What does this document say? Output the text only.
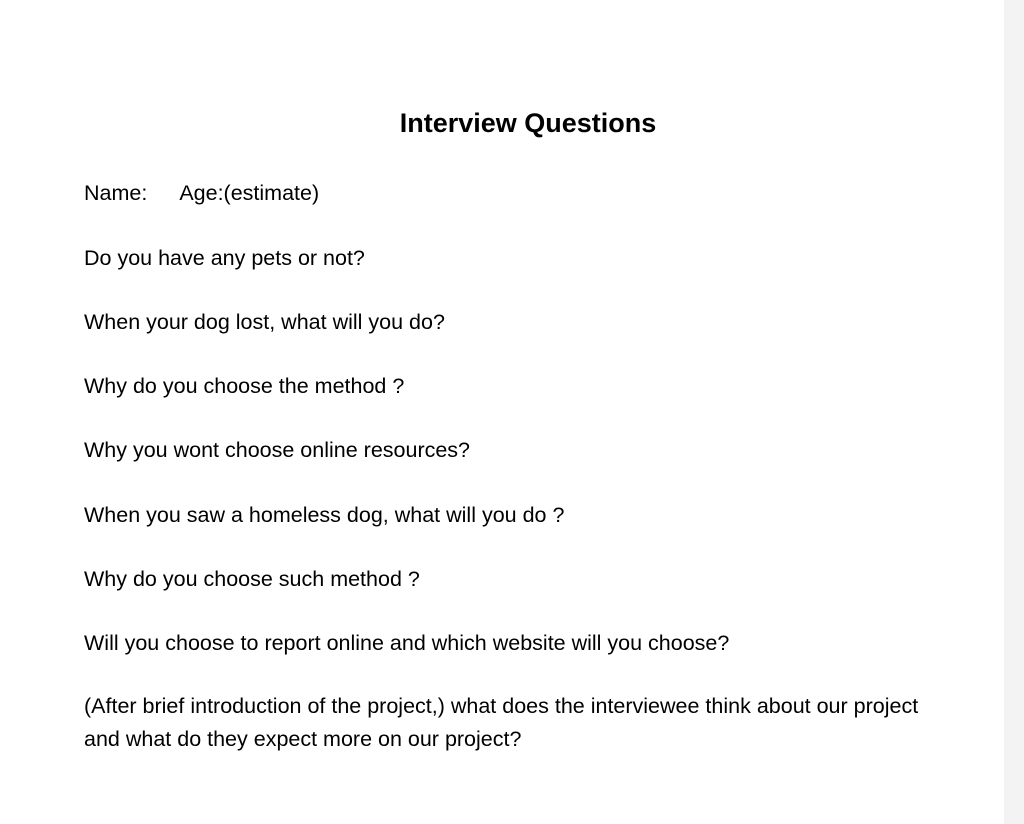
Interview Questions

Name: Age:(estimate)

Do you have any pets or not?

When your dog lost, what will you do?

Why do you choose the method ?

Why you wont choose online resources?

When you saw a homeless dog, what will you do ?

Why do you choose such method ?

Will you choose to report online and which website will you choose?

(After brief introduction of the project,) what does the interviewee think about our project and what do they expect more on our project?
